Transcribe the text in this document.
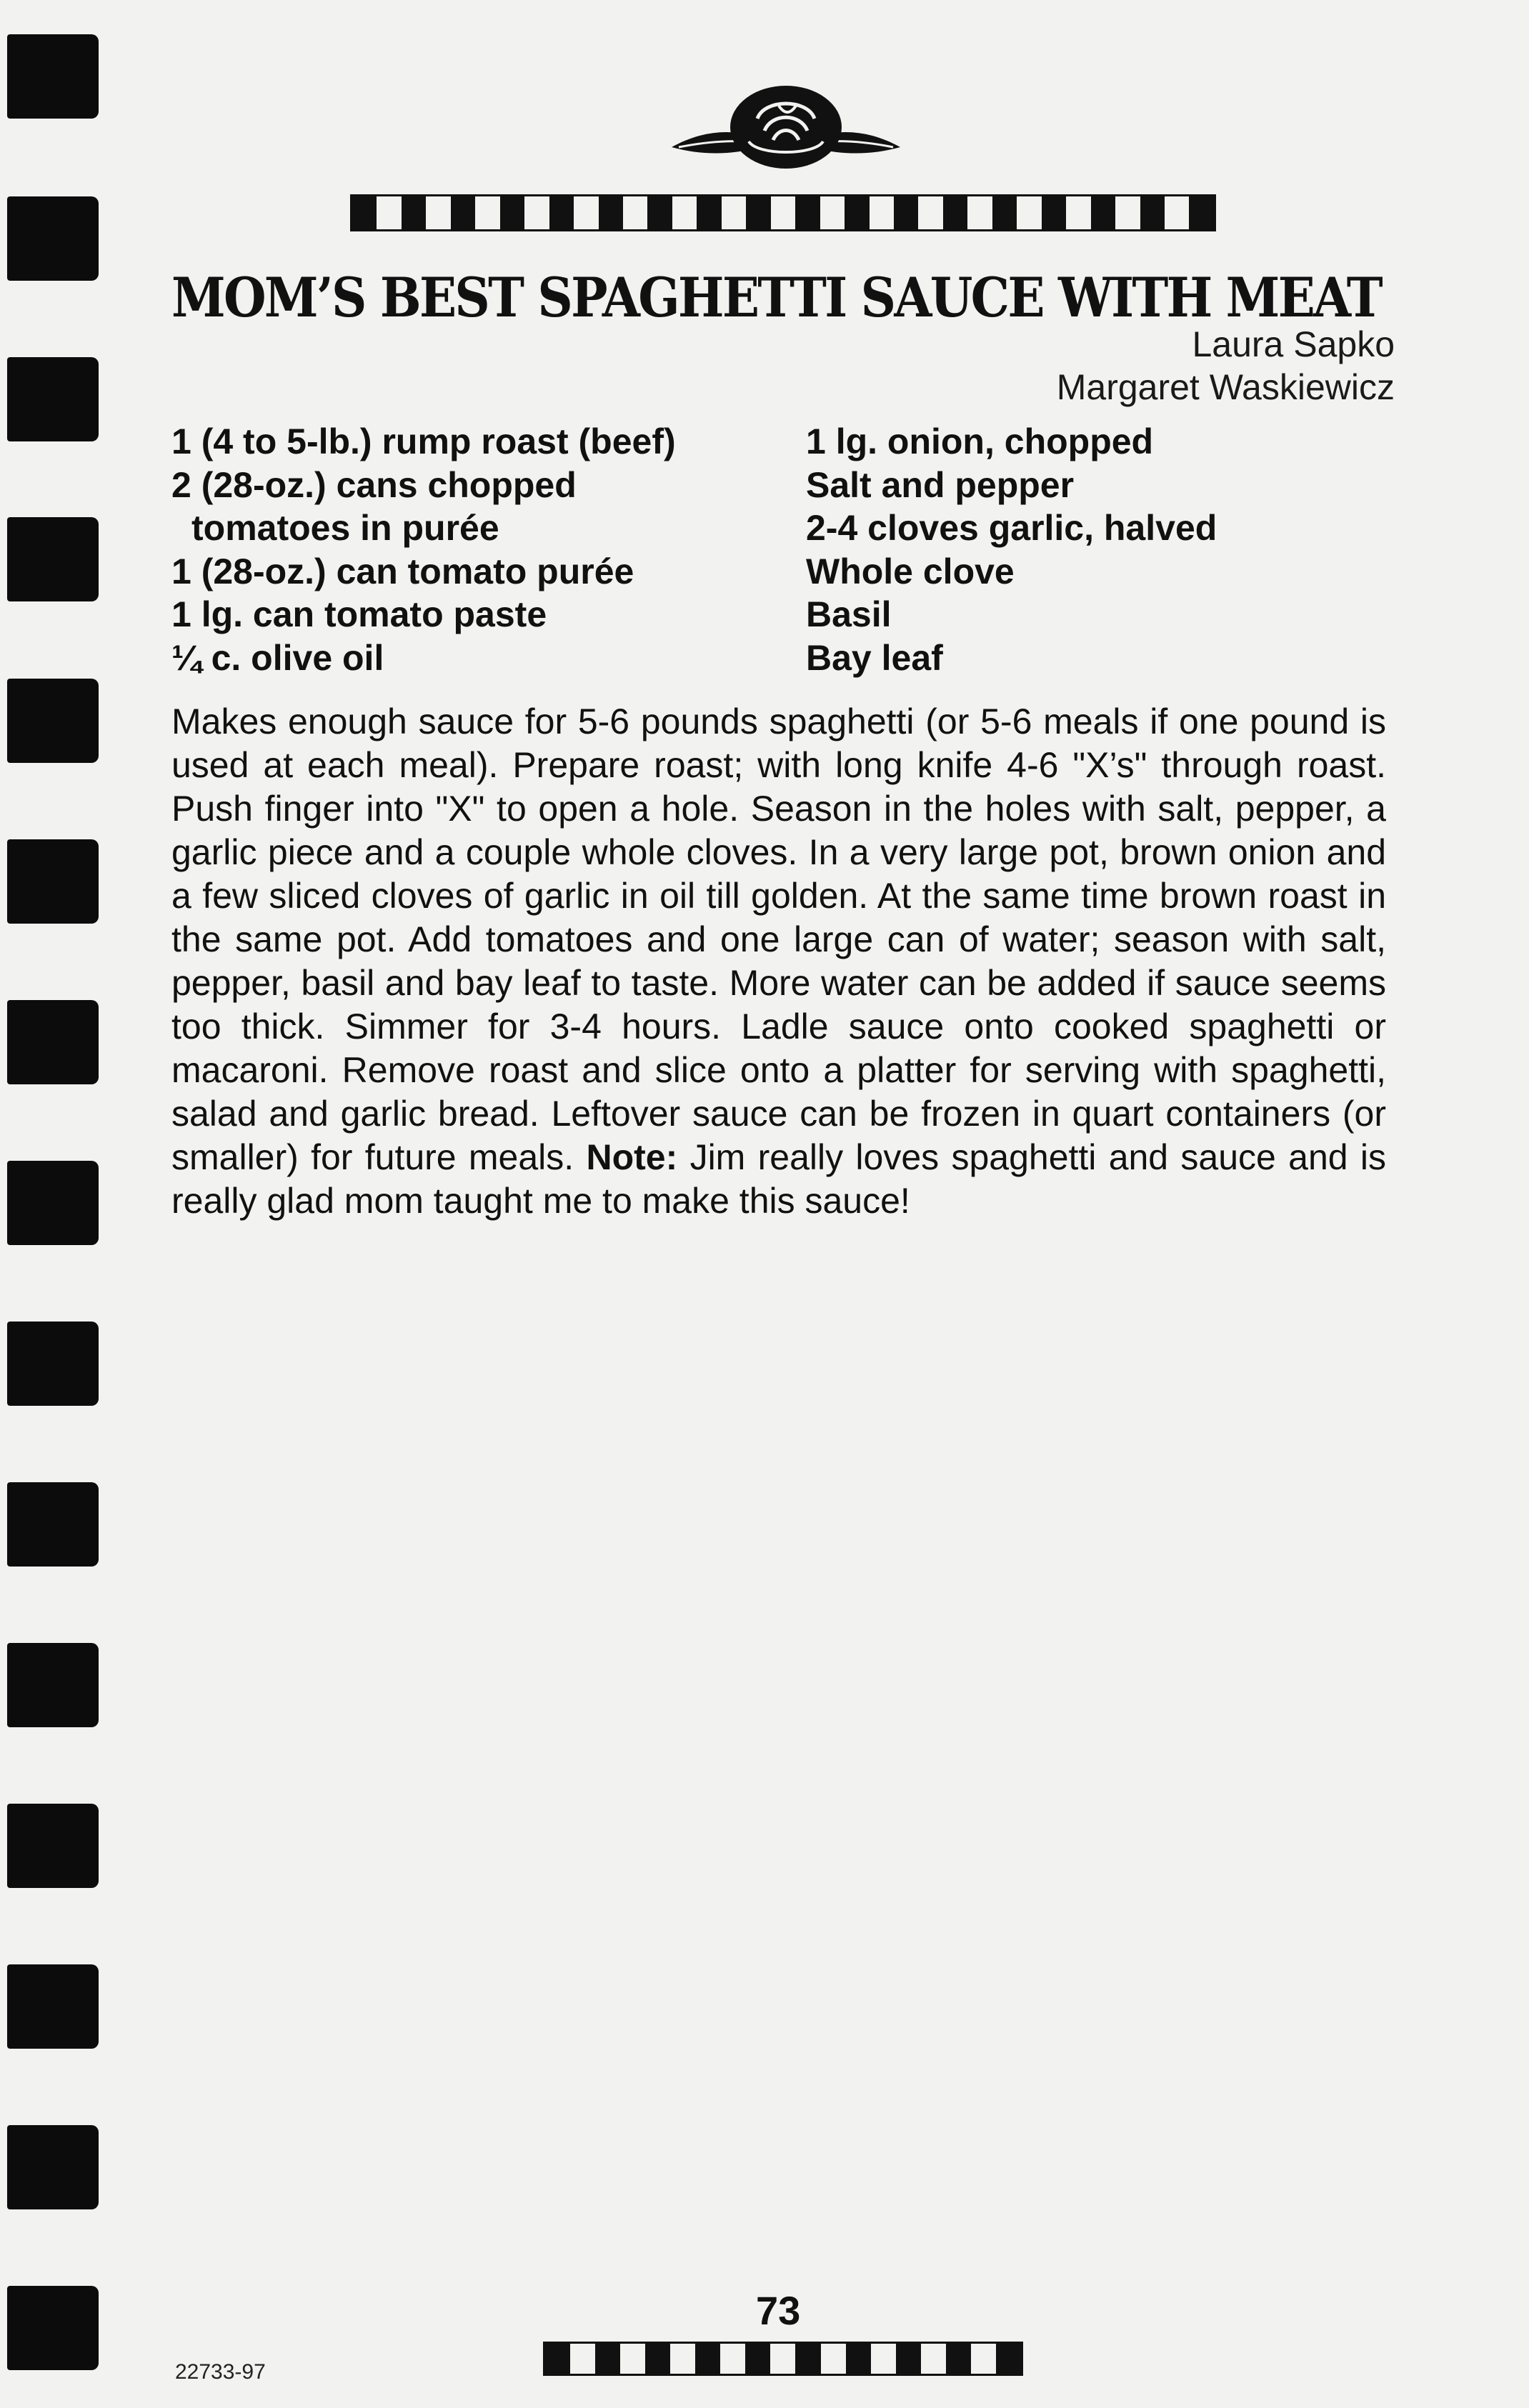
MOM’S BEST SPAGHETTI SAUCE WITH MEAT
Laura Sapko
Margaret Waskiewicz
1 (4 to 5-lb.) rump roast (beef)
2 (28-oz.) cans chopped
tomatoes in purée
1 (28-oz.) can tomato purée
1 lg. can tomato paste
¼ c. olive oil
1 lg. onion, chopped
Salt and pepper
2-4 cloves garlic, halved
Whole clove
Basil
Bay leaf

Makes enough sauce for 5-6 pounds spaghetti (or 5-6 meals if one pound is used at each meal). Prepare roast; with long knife 4-6 "X’s" through roast. Push finger into "X" to open a hole. Season in the holes with salt, pepper, a garlic piece and a couple whole cloves. In a very large pot, brown onion and a few sliced cloves of garlic in oil till golden. At the same time brown roast in the same pot. Add tomatoes and one large can of water; season with salt, pepper, basil and bay leaf to taste. More water can be added if sauce seems too thick. Simmer for 3-4 hours. Ladle sauce onto cooked spaghetti or macaroni. Remove roast and slice onto a platter for serving with spaghetti, salad and garlic bread. Leftover sauce can be frozen in quart containers (or smaller) for future meals. Note: Jim really loves spaghetti and sauce and is really glad mom taught me to make this sauce!

73
22733-97
